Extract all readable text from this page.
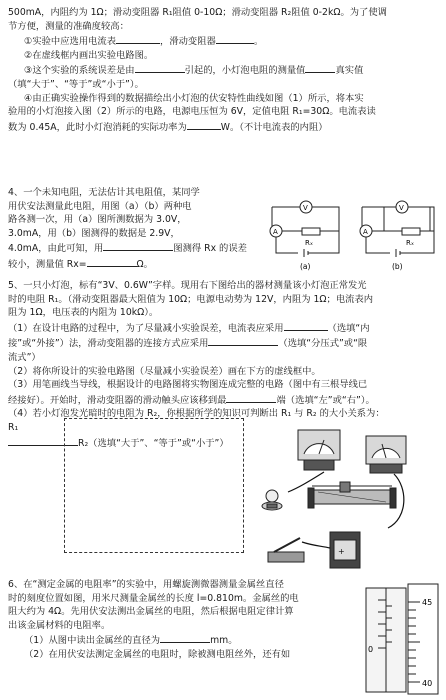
500mA，内阻约为 1Ω；滑动变阻器 R₁阻值 0-10Ω；滑动变阻器 R₂阻值 0-2kΩ。为了使调
节方便，测量的准确度较高：
①实验中应选用电流表	，滑动变阻器	。
②在虚线框内画出实验电路图。
③这个实验的系统误差是由	引起的，小灯泡电阻的测量值	真实值
（填“大于”、“等于”或“小于”）。
④由正确实验操作得到的数据描绘出小灯泡的伏安特性曲线如图（1）所示，将本实
验用的小灯泡接入图（2）所示的电路，电源电压恒为 6V，定值电阻 R₁=30Ω。电流表读
数为 0.45A，此时小灯泡消耗的实际功率为	W。（不计电流表的内阻）
4、一个未知电阻，无法估计其电阻值，某同学
用伏安法测量此电阻，用图（a）（b）两种电
路各测一次，用（a）图所测数据为 3.0V，
3.0mA，用（b）图测得的数据是 2.9V，
4.0mA，由此可知，用	图测得 Rx 的误差
较小，测量值 Rx=	Ω。
V
A
V
A
Rₓ	Rₓ
(a)	(b)
5、一只小灯泡，标有“3V、0.6W”字样。现用右下图给出的器材测量该小灯泡正常发光
时的电阻 R₁。（滑动变阻器最大阻值为 10Ω；电源电动势为 12V，内阻为 1Ω；电流表内
阻为 1Ω，电压表的内阻为 10kΩ）。
（1）在设计电路的过程中，为了尽量减小实验误差，电流表应采用	（选填“内
接”或“外接”）法，滑动变阻器的连接方式应采用	（选填“分压式”或“限
流式”）
（2）将你所设计的实验电路图（尽量减小实验误差）画在下方的虚线框中。
（3）用笔画线当导线，根据设计的电路图将实物图连成完整的电路（图中有三根导线已
经接好）。开始时，滑动变阻器的滑动触头应该移到最	端（选填“左”或“右”）。
（4）若小灯泡发光暗时的电阻为 R₂，你根据所学的知识可判断出 R₁ 与 R₂ 的大小关系为：
R₁
R₂（选填“大于”、“等于”或“小于”）
+
6、在“测定金属的电阻率”的实验中，用螺旋测微器测量金属丝直径
时的刻度位置如图，用米尺测量金属丝的长度 l=0.810m。金属丝的电
阻大约为 4Ω。先用伏安法测出金属丝的电阻，然后根据电阻定律计算
出该金属材料的电阻率。
（1）从图中读出金属丝的直径为	mm。
（2）在用伏安法测定金属丝的电阻时，除被测电阻丝外，还有如
45
40
0
